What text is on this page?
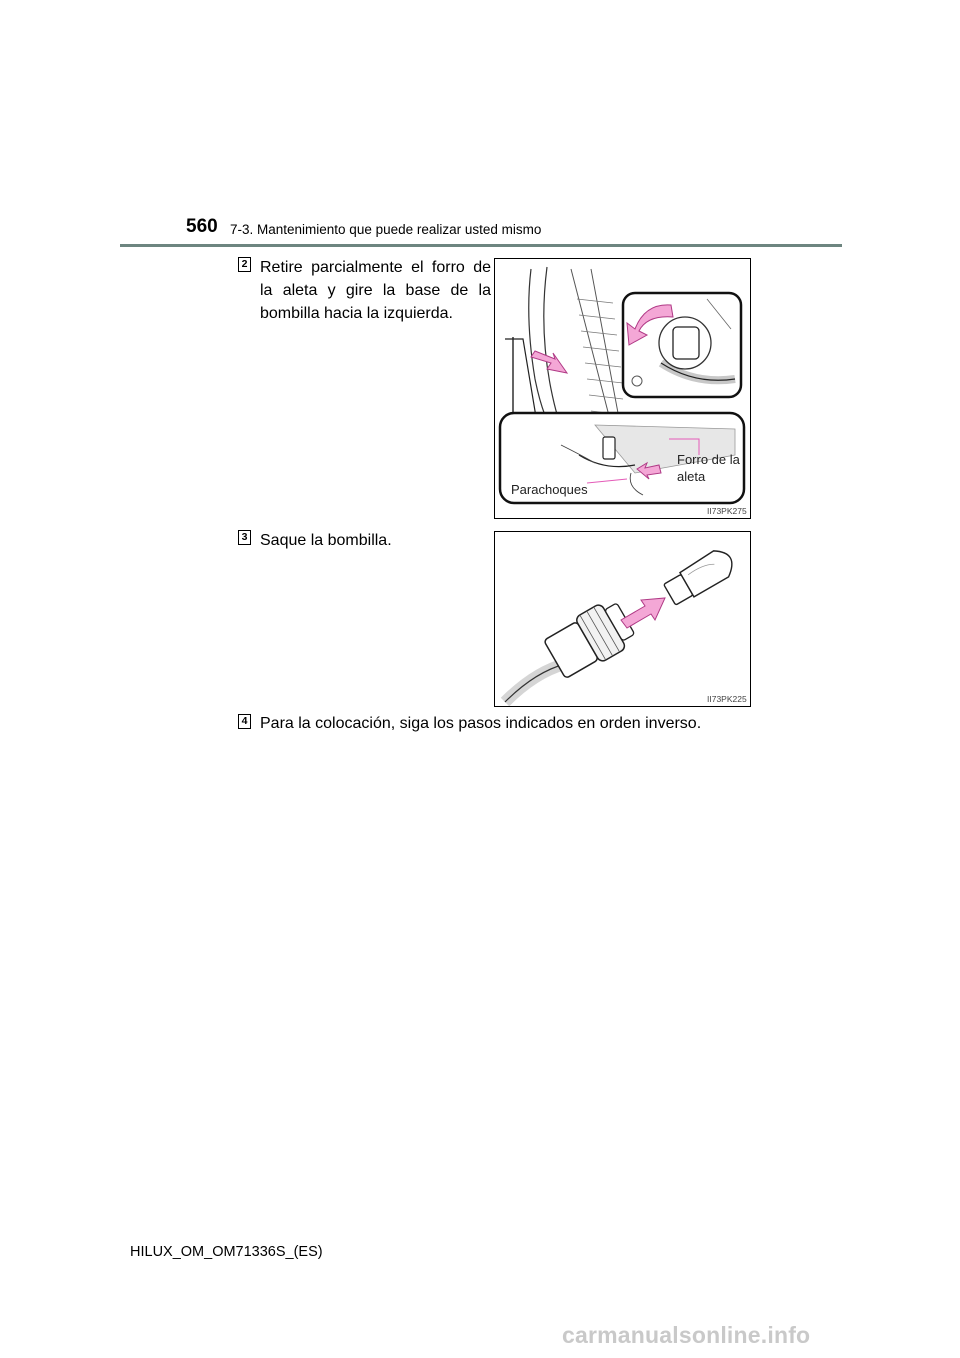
560 7-3. Mantenimiento que puede realizar usted mismo
2 Retire parcialmente el forro de la aleta y gire la base de la bombilla hacia la izquierda.
Forro de la aleta
Parachoques
II73PK275
3 Saque la bombilla.
II73PK225
4 Para la colocación, siga los pasos indicados en orden inverso.
HILUX_OM_OM71336S_(ES)
carmanualsonline.info
